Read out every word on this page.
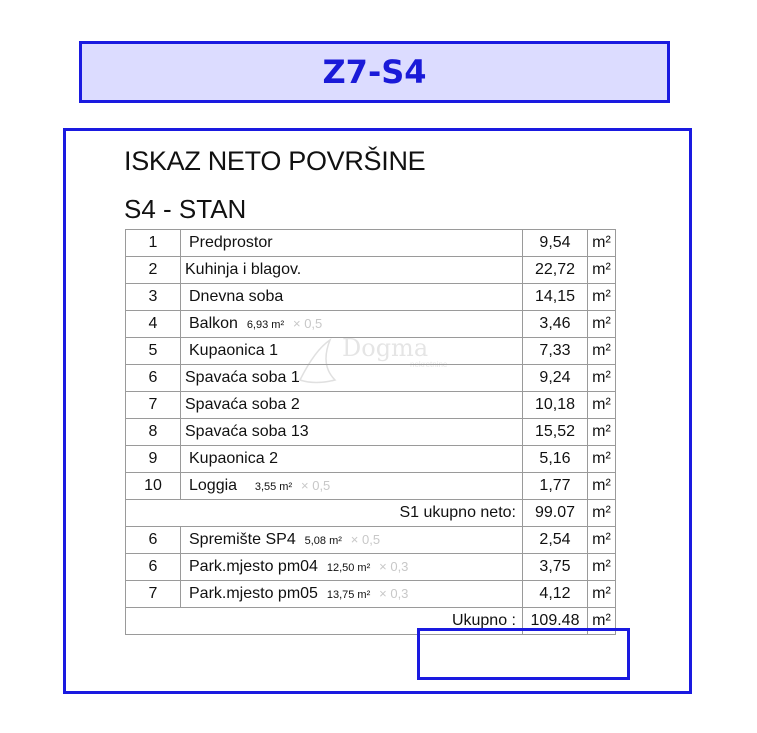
Z7-S4
ISKAZ NETO POVRŠINE
S4 - STAN
Dogma
nekretnine
1	Predprostor	9,54	m²
2	Kuhinja i blagov.	22,72	m²
3	Dnevna soba	14,15	m²
4	Balkon 6,93 m² × 0,5	3,46	m²
5	Kupaonica 1	7,33	m²
6	Spavaća soba 1	9,24	m²
7	Spavaća soba 2	10,18	m²
8	Spavaća soba 13	15,52	m²
9	Kupaonica 2	5,16	m²
10	Loggia 3,55 m² × 0,5	1,77	m²
S1 ukupno neto:		99.07	m²
6	Spremište SP4 5,08 m² × 0,5	2,54	m²
6	Park.mjesto pm04 12,50 m² × 0,3	3,75	m²
7	Park.mjesto pm05 13,75 m² × 0,3	4,12	m²
Ukupno :		109.48	m²
